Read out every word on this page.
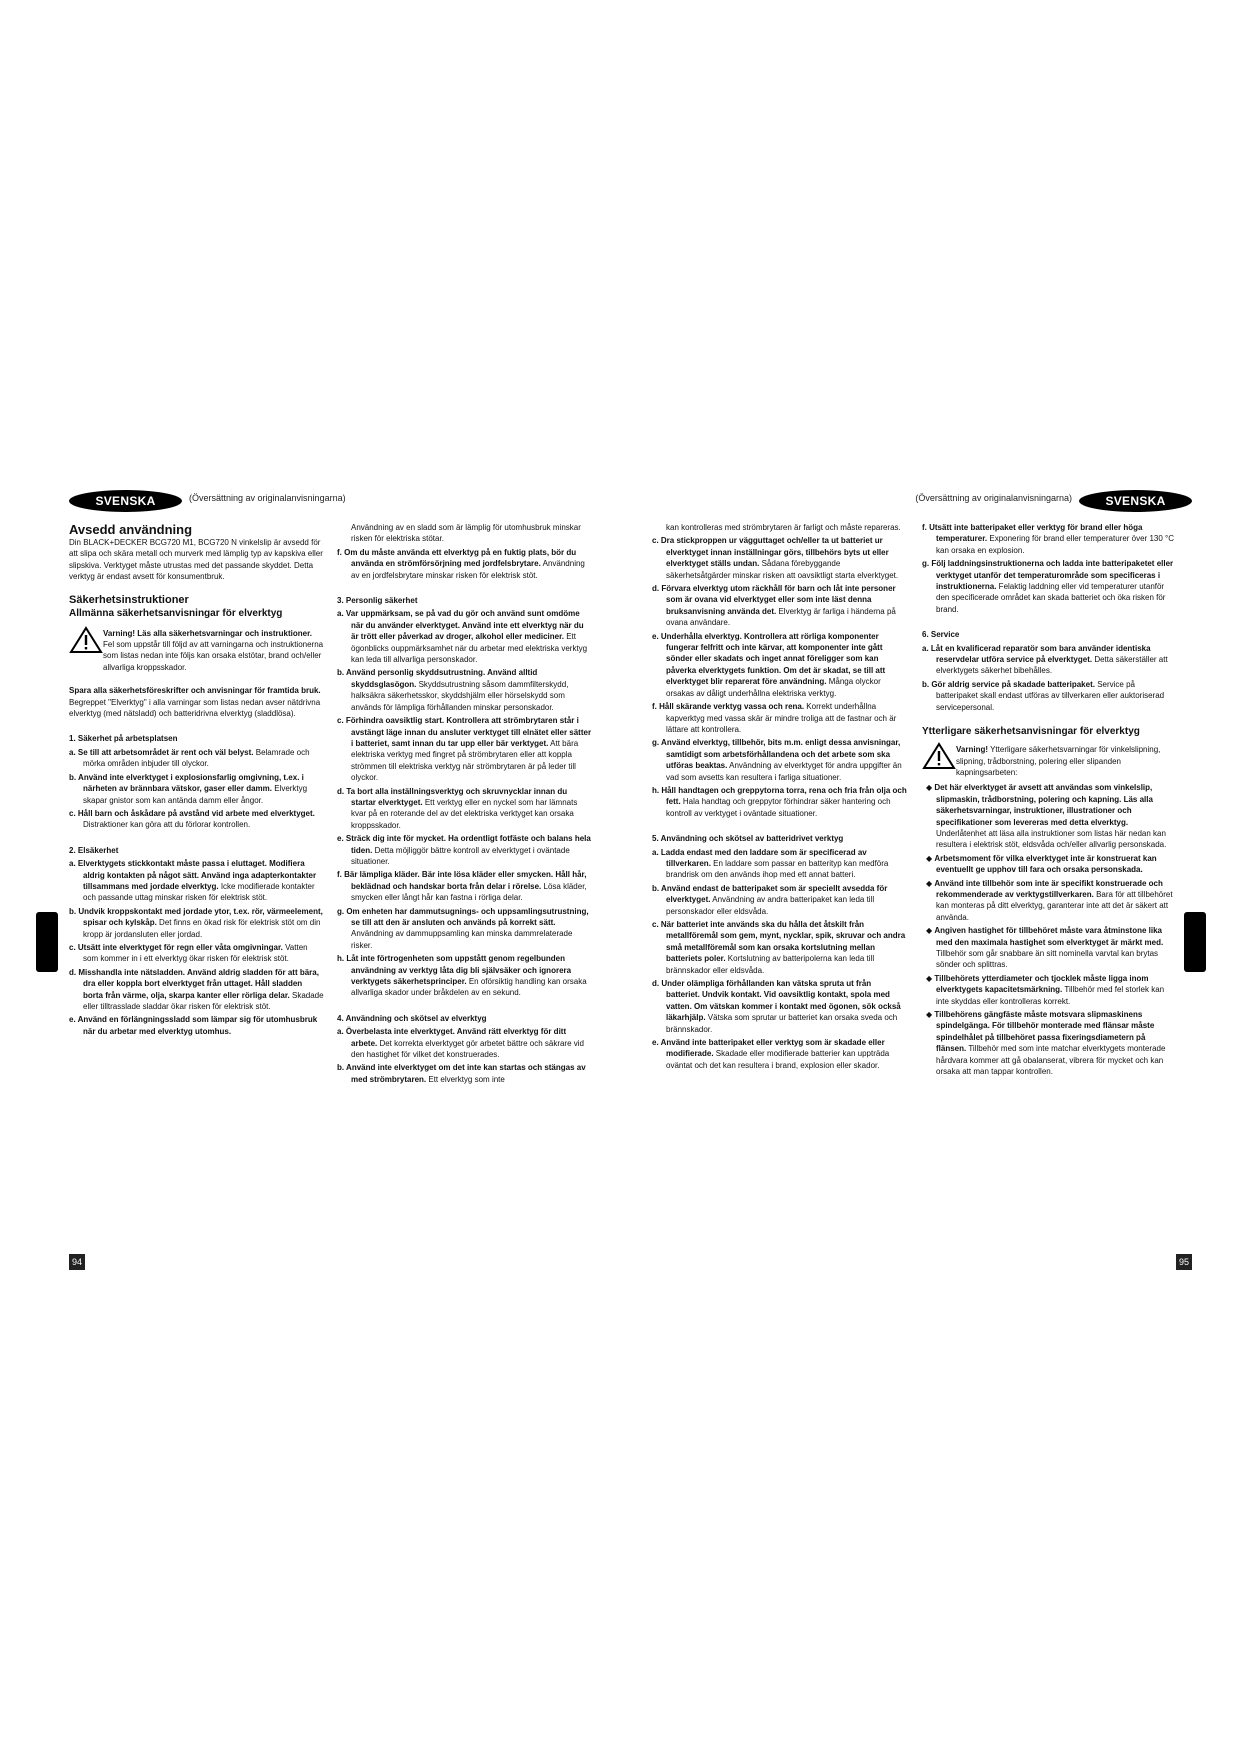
SVENSKA	(Översättning av originalanvisningarna)

Avsedd användning

Din BLACK+DECKER BCG720 M1, BCG720 N vinkelslip är avsedd för att slipa och skära metall och murverk med lämplig typ av kapskiva eller slipskiva. Verktyget måste utrustas med det passande skyddet. Detta verktyg är endast avsett för konsumentbruk.

Säkerhetsinstruktioner

Allmänna säkerhetsanvisningar för elverktyg

Varning! Läs alla säkerhetsvarningar och instruktioner. Fel som uppstår till följd av att varningarna och instruktionerna som listas nedan inte följs kan orsaka elstötar, brand och/eller allvarliga kroppsskador.

Spara alla säkerhetsföreskrifter och anvisningar för framtida bruk. Begreppet "Elverktyg" i alla varningar som listas nedan avser nätdrivna elverktyg (med nätsladd) och batteridrivna elverktyg (sladdlösa).

1. Säkerhet på arbetsplatsen

a. Se till att arbetsområdet är rent och väl belyst. Belamrade och mörka områden inbjuder till olyckor.

b. Använd inte elverktyget i explosionsfarlig omgivning, t.ex. i närheten av brännbara vätskor, gaser eller damm. Elverktyg skapar gnistor som kan antända damm eller ångor.

c. Håll barn och åskådare på avstånd vid arbete med elverktyget. Distraktioner kan göra att du förlorar kontrollen.

2. Elsäkerhet

a. Elverktygets stickkontakt måste passa i eluttaget. Modifiera aldrig kontakten på något sätt. Använd inga adapterkontakter tillsammans med jordade elverktyg. Icke modifierade kontakter och passande uttag minskar risken för elektrisk stöt.

b. Undvik kroppskontakt med jordade ytor, t.ex. rör, värmeelement, spisar och kylskåp. Det finns en ökad risk för elektrisk stöt om din kropp är jordansluten eller jordad.

c. Utsätt inte elverktyget för regn eller våta omgivningar. Vatten som kommer in i ett elverktyg ökar risken för elektrisk stöt.

d. Misshandla inte nätsladden. Använd aldrig sladden för att bära, dra eller koppla bort elverktyget från uttaget. Håll sladden borta från värme, olja, skarpa kanter eller rörliga delar. Skadade eller tilltrasslade sladdar ökar risken för elektrisk stöt.

e. Använd en förlängningssladd som lämpar sig för utomhusbruk när du arbetar med elverktyg utomhus.

Användning av en sladd som är lämplig för utomhusbruk minskar risken för elektriska stötar.

f. Om du måste använda ett elverktyg på en fuktig plats, bör du använda en strömförsörjning med jordfelsbrytare. Användning av en jordfelsbrytare minskar risken för elektrisk stöt.

3. Personlig säkerhet

a. Var uppmärksam, se på vad du gör och använd sunt omdöme när du använder elverktyget. Använd inte ett elverktyg när du är trött eller påverkad av droger, alkohol eller mediciner. Ett ögonblicks ouppmärksamhet när du arbetar med elektriska verktyg kan leda till allvarliga personskador.

b. Använd personlig skyddsutrustning. Använd alltid skyddsglasögon. Skyddsutrustning såsom dammfilterskydd, halksäkra säkerhetsskor, skyddshjälm eller hörselskydd som används för lämpliga förhållanden minskar personskador.

c. Förhindra oavsiktlig start. Kontrollera att strömbrytaren står i avstängt läge innan du ansluter verktyget till elnätet eller sätter i batteriet, samt innan du tar upp eller bär verktyget. Att bära elektriska verktyg med fingret på strömbrytaren eller att koppla strömmen till elektriska verktyg när strömbrytaren är på leder till olyckor.

d. Ta bort alla inställningsverktyg och skruvnycklar innan du startar elverktyget. Ett verktyg eller en nyckel som har lämnats kvar på en roterande del av det elektriska verktyget kan orsaka kroppsskador.

e. Sträck dig inte för mycket. Ha ordentligt fotfäste och balans hela tiden. Detta möjliggör bättre kontroll av elverktyget i oväntade situationer.

f. Bär lämpliga kläder. Bär inte lösa kläder eller smycken. Håll hår, beklädnad och handskar borta från delar i rörelse. Lösa kläder, smycken eller långt hår kan fastna i rörliga delar.

g. Om enheten har dammutsugnings- och uppsamlingsutrustning, se till att den är ansluten och används på korrekt sätt. Användning av dammuppsamling kan minska dammrelaterade risker.

h. Låt inte förtrogenheten som uppstått genom regelbunden användning av verktyg låta dig bli självsäker och ignorera verktygets säkerhetsprinciper. En oförsiktig handling kan orsaka allvarliga skador under bråkdelen av en sekund.

4. Användning och skötsel av elverktyg

a. Överbelasta inte elverktyget. Använd rätt elverktyg för ditt arbete. Det korrekta elverktyget gör arbetet bättre och säkrare vid den hastighet för vilket det konstruerades.

b. Använd inte elverktyget om det inte kan startas och stängas av med strömbrytaren. Ett elverktyg som inte

94
(Översättning av originalanvisningarna)	SVENSKA

kan kontrolleras med strömbrytaren är farligt och måste repareras.

c. Dra stickproppen ur vägguttaget och/eller ta ut batteriet ur elverktyget innan inställningar görs, tillbehörs byts ut eller elverktyget ställs undan. Sådana förebyggande säkerhetsåtgärder minskar risken att oavsiktligt starta elverktyget.

d. Förvara elverktyg utom räckhåll för barn och låt inte personer som är ovana vid elverktyget eller som inte läst denna bruksanvisning använda det. Elverktyg är farliga i händerna på ovana användare.

e. Underhålla elverktyg. Kontrollera att rörliga komponenter fungerar felfritt och inte kärvar, att komponenter inte gått sönder eller skadats och inget annat föreligger som kan påverka elverktygets funktion. Om det är skadat, se till att elverktyget blir reparerat före användning. Många olyckor orsakas av dåligt underhållna elektriska verktyg.

f. Håll skärande verktyg vassa och rena. Korrekt underhållna kapverktyg med vassa skär är mindre troliga att de fastnar och är lättare att kontrollera.

g. Använd elverktyg, tillbehör, bits m.m. enligt dessa anvisningar, samtidigt som arbetsförhållandena och det arbete som ska utföras beaktas. Användning av elverktyget för andra uppgifter än vad som avsetts kan resultera i farliga situationer.

h. Håll handtagen och greppytorna torra, rena och fria från olja och fett. Hala handtag och greppytor förhindrar säker hantering och kontroll av verktyget i oväntade situationer.

5. Användning och skötsel av batteridrivet verktyg

a. Ladda endast med den laddare som är specificerad av tillverkaren. En laddare som passar en batterityp kan medföra brandrisk om den används ihop med ett annat batteri.

b. Använd endast de batteripaket som är speciellt avsedda för elverktyget. Användning av andra batteripaket kan leda till personskador eller eldsvåda.

c. När batteriet inte används ska du hålla det åtskilt från metallföremål som gem, mynt, nycklar, spik, skruvar och andra små metallföremål som kan orsaka kortslutning mellan batteriets poler. Kortslutning av batteripolerna kan leda till brännskador eller eldsvåda.

d. Under olämpliga förhållanden kan vätska spruta ut från batteriet. Undvik kontakt. Vid oavsiktlig kontakt, spola med vatten. Om vätskan kommer i kontakt med ögonen, sök också läkarhjälp. Vätska som sprutar ur batteriet kan orsaka sveda och brännskador.

e. Använd inte batteripaket eller verktyg som är skadade eller modifierade. Skadade eller modifierade batterier kan uppträda oväntat och det kan resultera i brand, explosion eller skador.

f. Utsätt inte batteripaket eller verktyg för brand eller höga temperaturer. Exponering för brand eller temperaturer över 130 °C kan orsaka en explosion.

g. Följ laddningsinstruktionerna och ladda inte batteripaketet eller verktyget utanför det temperaturområde som specificeras i instruktionerna. Felaktig laddning eller vid temperaturer utanför den specificerade området kan skada batteriet och öka risken för brand.

6. Service

a. Låt en kvalificerad reparatör som bara använder identiska reservdelar utföra service på elverktyget. Detta säkerställer att elverktygets säkerhet bibehålles.

b. Gör aldrig service på skadade batteripaket. Service på batteripaket skall endast utföras av tillverkaren eller auktoriserad servicepersonal.

Ytterligare säkerhetsanvisningar för elverktyg

Varning! Ytterligare säkerhetsvarningar för vinkelslipning, slipning, trådborstning, polering eller slipanden kapningsarbeten:

◆ Det här elverktyget är avsett att användas som vinkelslip, slipmaskin, trådborstning, polering och kapning. Läs alla säkerhetsvarningar, instruktioner, illustrationer och specifikationer som levereras med detta elverktyg. Underlåtenhet att läsa alla instruktioner som listas här nedan kan resultera i elektrisk stöt, eldsvåda och/eller allvarlig personskada.

◆ Arbetsmoment för vilka elverktyget inte är konstruerat kan eventuellt ge upphov till fara och orsaka personskada.

◆ Använd inte tillbehör som inte är specifikt konstruerade och rekommenderade av verktygstillverkaren. Bara för att tillbehöret kan monteras på ditt elverktyg, garanterar inte att det är säkert att använda.

◆ Angiven hastighet för tillbehöret måste vara åtminstone lika med den maximala hastighet som elverktyget är märkt med. Tillbehör som går snabbare än sitt nominella varvtal kan brytas sönder och splittras.

◆ Tillbehörets ytterdiameter och tjocklek måste ligga inom elverktygets kapacitetsmärkning. Tillbehör med fel storlek kan inte skyddas eller kontrolleras korrekt.

◆ Tillbehörens gängfäste måste motsvara slipmaskinens spindelgänga. För tillbehör monterade med flänsar måste spindelhålet på tillbehöret passa fixeringsdiametern på flänsen. Tillbehör med som inte matchar elverktygets monterade hårdvara kommer att gå obalanserat, vibrera för mycket och kan orsaka att man tappar kontrollen.

95
